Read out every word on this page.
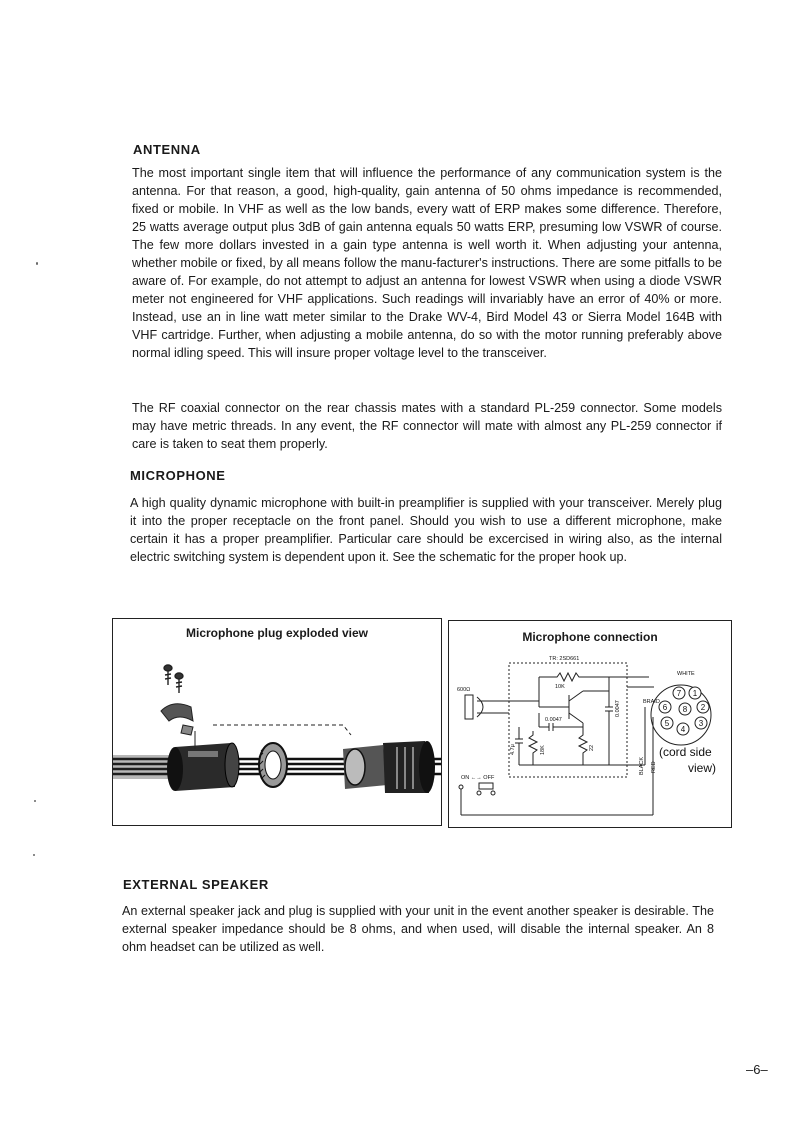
ANTENNA
The most important single item that will influence the performance of any communication system is the antenna. For that reason, a good, high-quality, gain antenna of 50 ohms impedance is recommended, fixed or mobile. In VHF as well as the low bands, every watt of ERP makes some difference. Therefore, 25 watts average output plus 3dB of gain antenna equals 50 watts ERP, presuming low VSWR of course. The few more dollars invested in a gain type antenna is well worth it. When adjusting your antenna, whether mobile or fixed, by all means follow the manu-facturer's instructions. There are some pitfalls to be aware of. For example, do not attempt to adjust an antenna for lowest VSWR when using a diode VSWR meter not engineered for VHF applications. Such readings will invariably have an error of 40% or more. Instead, use an in line watt meter similar to the Drake WV-4, Bird Model 43 or Sierra Model 164B with VHF cartridge. Further, when adjusting a mobile antenna, do so with the motor running preferably above normal idling speed. This will insure proper voltage level to the transceiver.
The RF coaxial connector on the rear chassis mates with a standard PL-259 connector. Some models may have metric threads. In any event, the RF connector will mate with almost any PL-259 connector if care is taken to seat them properly.
MICROPHONE
A high quality dynamic microphone with built-in preamplifier is supplied with your transceiver. Merely plug it into the proper receptacle on the front panel. Should you wish to use a different microphone, make certain it has a proper preamplifier. Particular care should be excercised in wiring also, as the internal electric switching system is dependent upon it. See the schematic for the proper hook up.
Microphone plug exploded view	Microphone connection
7 1
6 8 2
5	3
4
TR: 2SD661
10K
600Ω
0.0047
0.0047
4.7μ	18K	22
ON ←→ OFF
WHITE
BRAID
BLACK RED
(cord side
view)
EXTERNAL SPEAKER
An external speaker jack and plug is supplied with your unit in the event another speaker is desirable. The external speaker impedance should be 8 ohms, and when used, will disable the internal speaker. An 8 ohm headset can be utilized as well.
–6–
